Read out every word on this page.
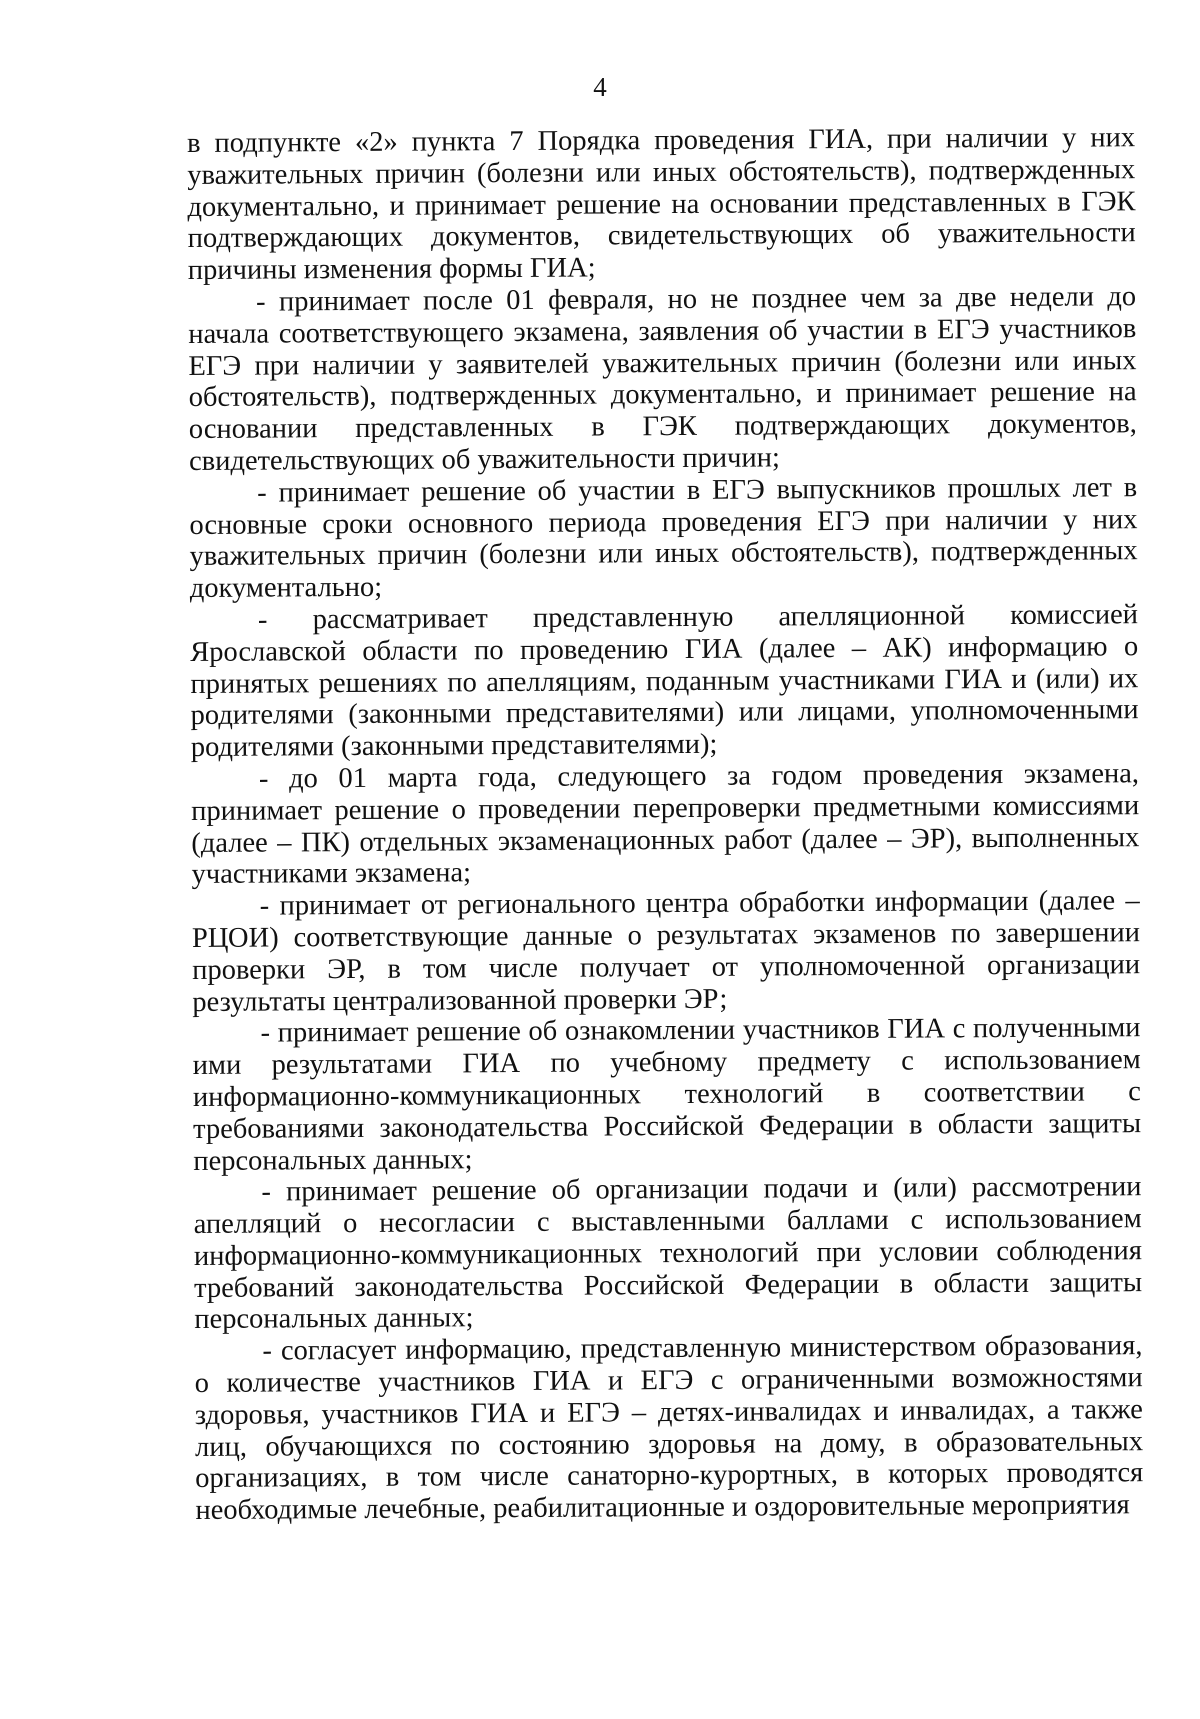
4

в подпункте «2» пункта 7 Порядка проведения ГИА, при наличии у них уважительных причин (болезни или иных обстоятельств), подтвержденных документально, и принимает решение на основании представленных в ГЭК подтверждающих документов, свидетельствующих об уважительности причины изменения формы ГИА;

- принимает после 01 февраля, но не позднее чем за две недели до начала соответствующего экзамена, заявления об участии в ЕГЭ участников ЕГЭ при наличии у заявителей уважительных причин (болезни или иных обстоятельств), подтвержденных документально, и принимает решение на основании представленных в ГЭК подтверждающих документов, свидетельствующих об уважительности причин;

- принимает решение об участии в ЕГЭ выпускников прошлых лет в основные сроки основного периода проведения ЕГЭ при наличии у них уважительных причин (болезни или иных обстоятельств), подтвержденных документально;

- рассматривает представленную апелляционной комиссией Ярославской области по проведению ГИА (далее – АК) информацию о принятых решениях по апелляциям, поданным участниками ГИА и (или) их родителями (законными представителями) или лицами, уполномоченными родителями (законными представителями);

- до 01 марта года, следующего за годом проведения экзамена, принимает решение о проведении перепроверки предметными комиссиями (далее – ПК) отдельных экзаменационных работ (далее – ЭР), выполненных участниками экзамена;

- принимает от регионального центра обработки информации (далее – РЦОИ) соответствующие данные о результатах экзаменов по завершении проверки ЭР, в том числе получает от уполномоченной организации результаты централизованной проверки ЭР;

- принимает решение об ознакомлении участников ГИА с полученными ими результатами ГИА по учебному предмету с использованием информационно-коммуникационных технологий в соответствии с требованиями законодательства Российской Федерации в области защиты персональных данных;

- принимает решение об организации подачи и (или) рассмотрении апелляций о несогласии с выставленными баллами с использованием информационно-коммуникационных технологий при условии соблюдения требований законодательства Российской Федерации в области защиты персональных данных;

- согласует информацию, представленную министерством образования, о количестве участников ГИА и ЕГЭ с ограниченными возможностями здоровья, участников ГИА и ЕГЭ – детях-инвалидах и инвалидах, а также лиц, обучающихся по состоянию здоровья на дому, в образовательных организациях, в том числе санаторно-курортных, в которых проводятся необходимые лечебные, реабилитационные и оздоровительные мероприятия
